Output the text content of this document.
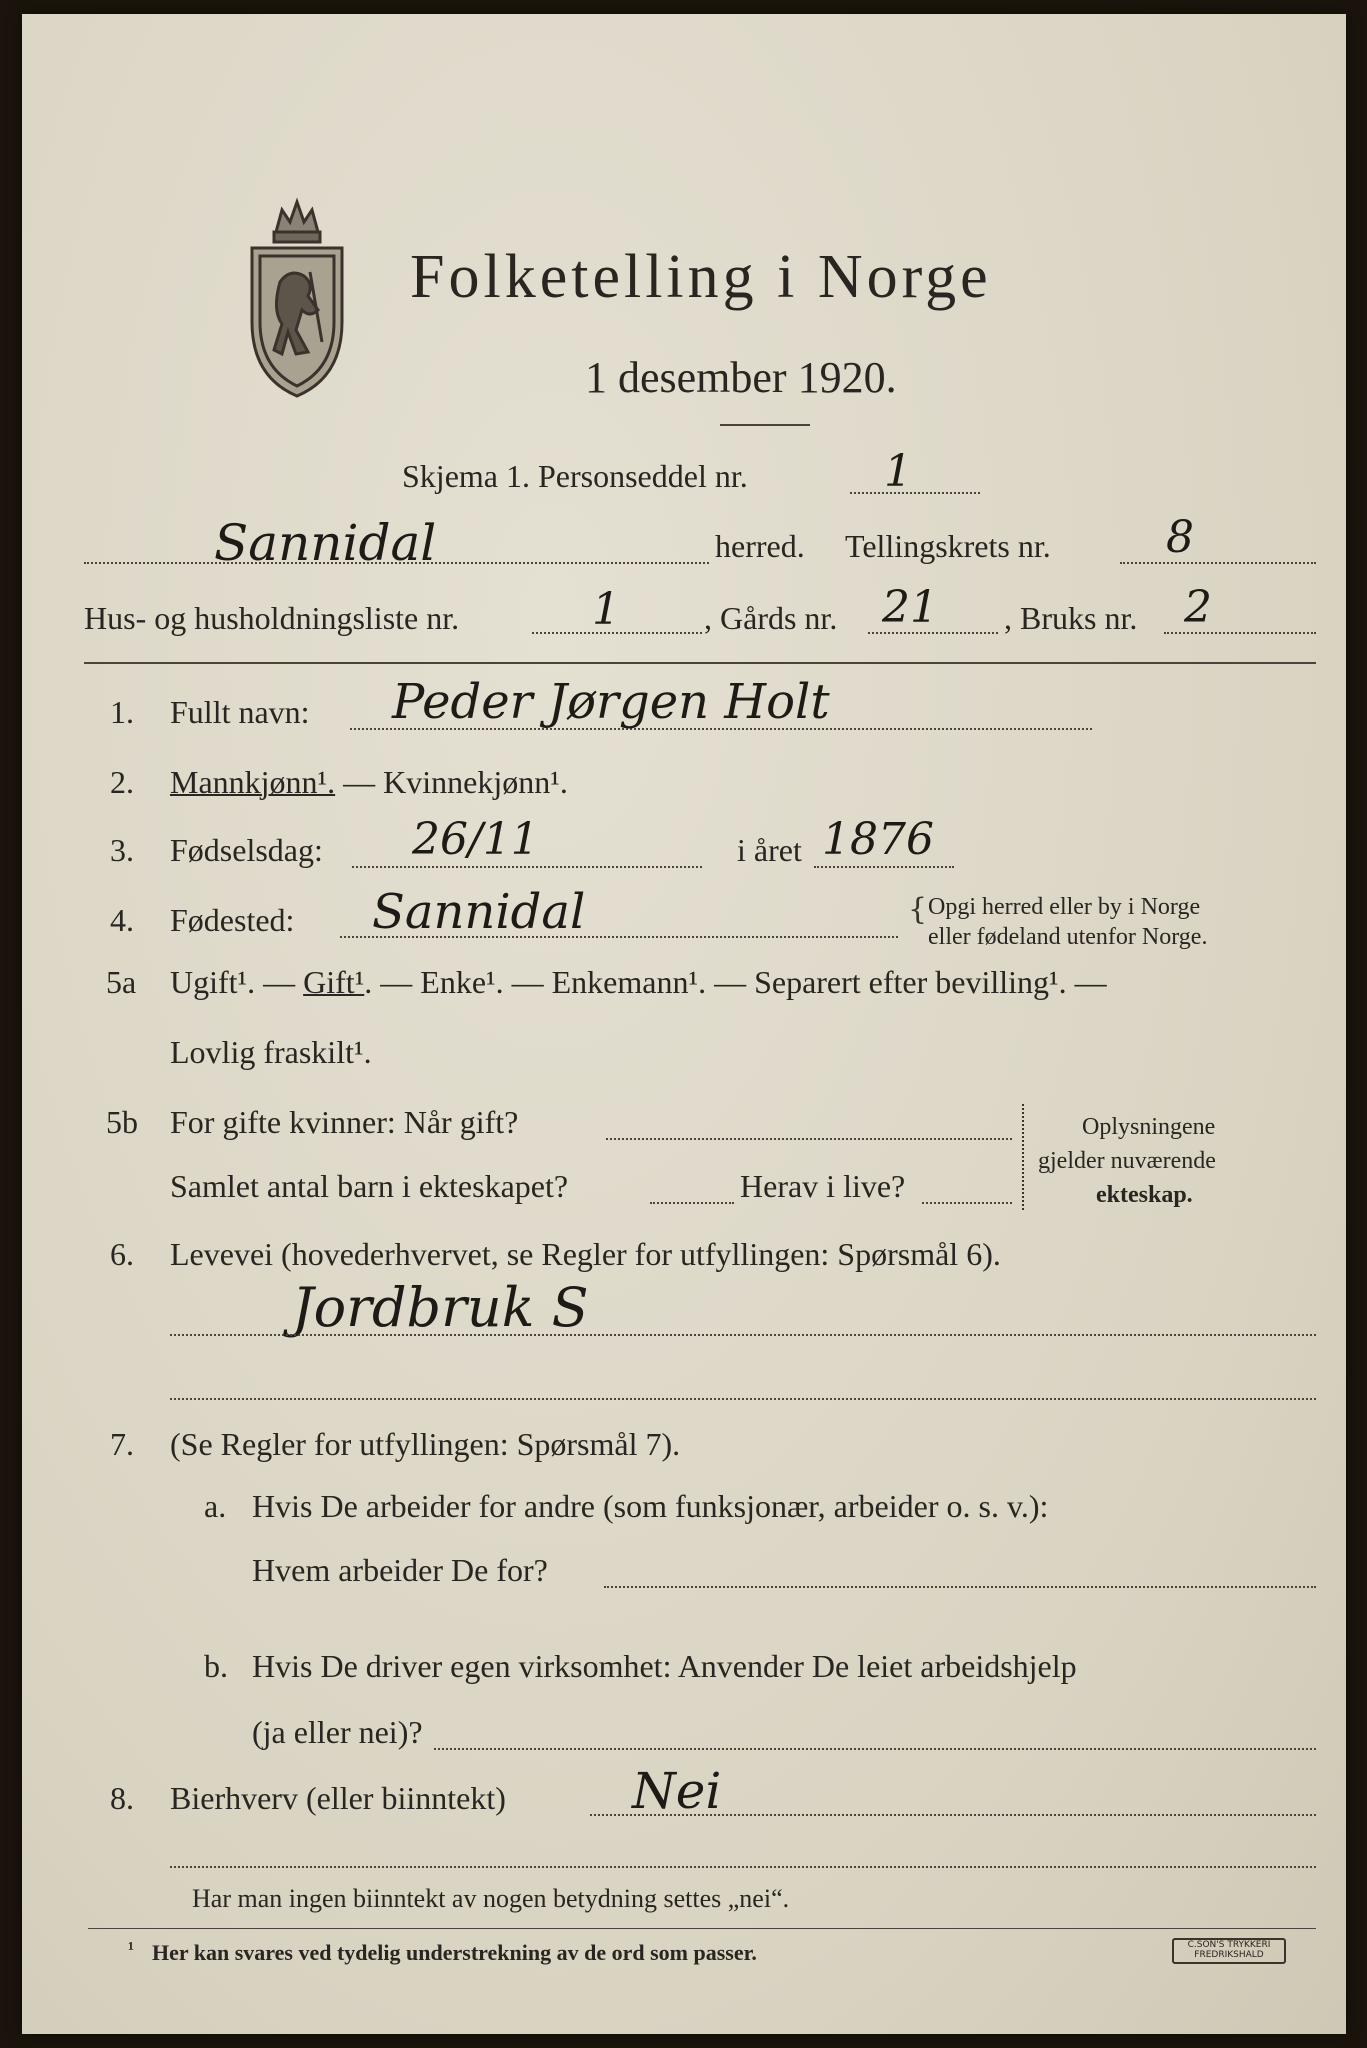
Folketelling i Norge
1 desember 1920.
Skjema 1. Personseddel nr.	1
Sannidal	herred. Tellingskrets nr.	8
Hus- og husholdningsliste nr.	1	, Gårds nr. 21 , Bruks nr. 2
1. Fullt navn: Peder Jørgen Holt
2. Mannkjønn¹. — Kvinnekjønn¹.
3. Fødselsdag: 26/11	i året 1876
4. Fødested: Sannidal	{ Opgi herred eller by i Norge
eller fødeland utenfor Norge.
5a Ugift¹. — Gift¹. — Enke¹. — Enkemann¹. — Separert efter bevilling¹. —
Lovlig fraskilt¹.
5b For gifte kvinner: Når gift?
Samlet antal barn i ekteskapet?	Herav i live?
Oplysningene
gjelder nuværende
ekteskap.
6. Levevei (hovederhvervet, se Regler for utfyllingen: Spørsmål 6).
Jordbruk S
7. (Se Regler for utfyllingen: Spørsmål 7).
a. Hvis De arbeider for andre (som funksjonær, arbeider o. s. v.):
Hvem arbeider De for?
b. Hvis De driver egen virksomhet: Anvender De leiet arbeidshjelp
(ja eller nei)?
8. Bierhverv (eller biinntekt)	Nei
Har man ingen biinntekt av nogen betydning settes „nei“.
¹ Her kan svares ved tydelig understrekning av de ord som passer.	C.SON'S TRYKKERI FREDRIKSHALD
